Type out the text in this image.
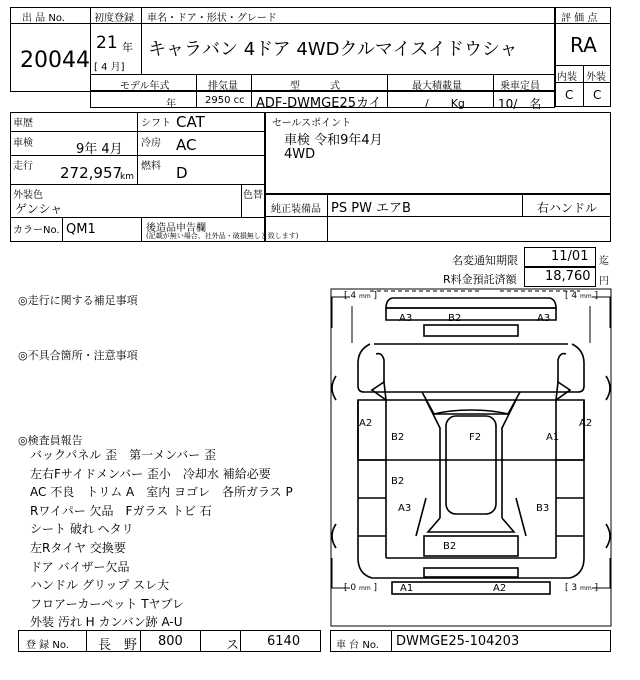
出 品 No.
20044
初度登録 車名・ドア・形状・グレード
21 年
[ 4 月]
キャラバン 4ドア 4WDクルマイスイドウシャ
評 価 点
RA
内装 外装
C C
モデル年式	排気量	型　　　式	最大積載量	乗車定員
年	2950 cc ADF-DWMGE25カイ	/　　Kg	10/　名
車歴	シフト CAT
車検	9年 4月 冷房 AC
走行 272,957
km
燃料 D
外装色
ゲンシャ
色替
カラーNo. QM1	後造品申告欄
(記載が無い場合、社外品・破損無しと致します)
セールスポイント
車検 令和9年4月
4WD
純正装備品 PS PW エアB	右ハンドル
名変通知期限	11/01 迄
R料金預託済額 18,760 円
◎走行に関する補足事項
◎不具合箇所・注意事項
◎検査員報告
バックパネル 歪　第一メンバー 歪
左右Fサイドメンバー 歪小　冷却水 補給必要
AC 不良　トリム A　室内 ヨゴレ　各所ガラス P
Rワイパー 欠品　Fガラス トビ 石
シート 破れ ヘタリ
左Rタイヤ 交換要
ドア バイザー欠品
ハンドル グリップ スレ大
フロアーカーペット Tヤブレ
外装 汚れ H カンバン跡 A-U
[ 4 mm ]	[ 4 mm ]
[ 0 mm ]	[ 3 mm ]
A3	B2	A3
A2
B2	F2	A1
A2
B2
A3	B3
B2
A1	A2
登 録 No. 長　野 800	ス 6140	車 台 No. DWMGE25-104203
